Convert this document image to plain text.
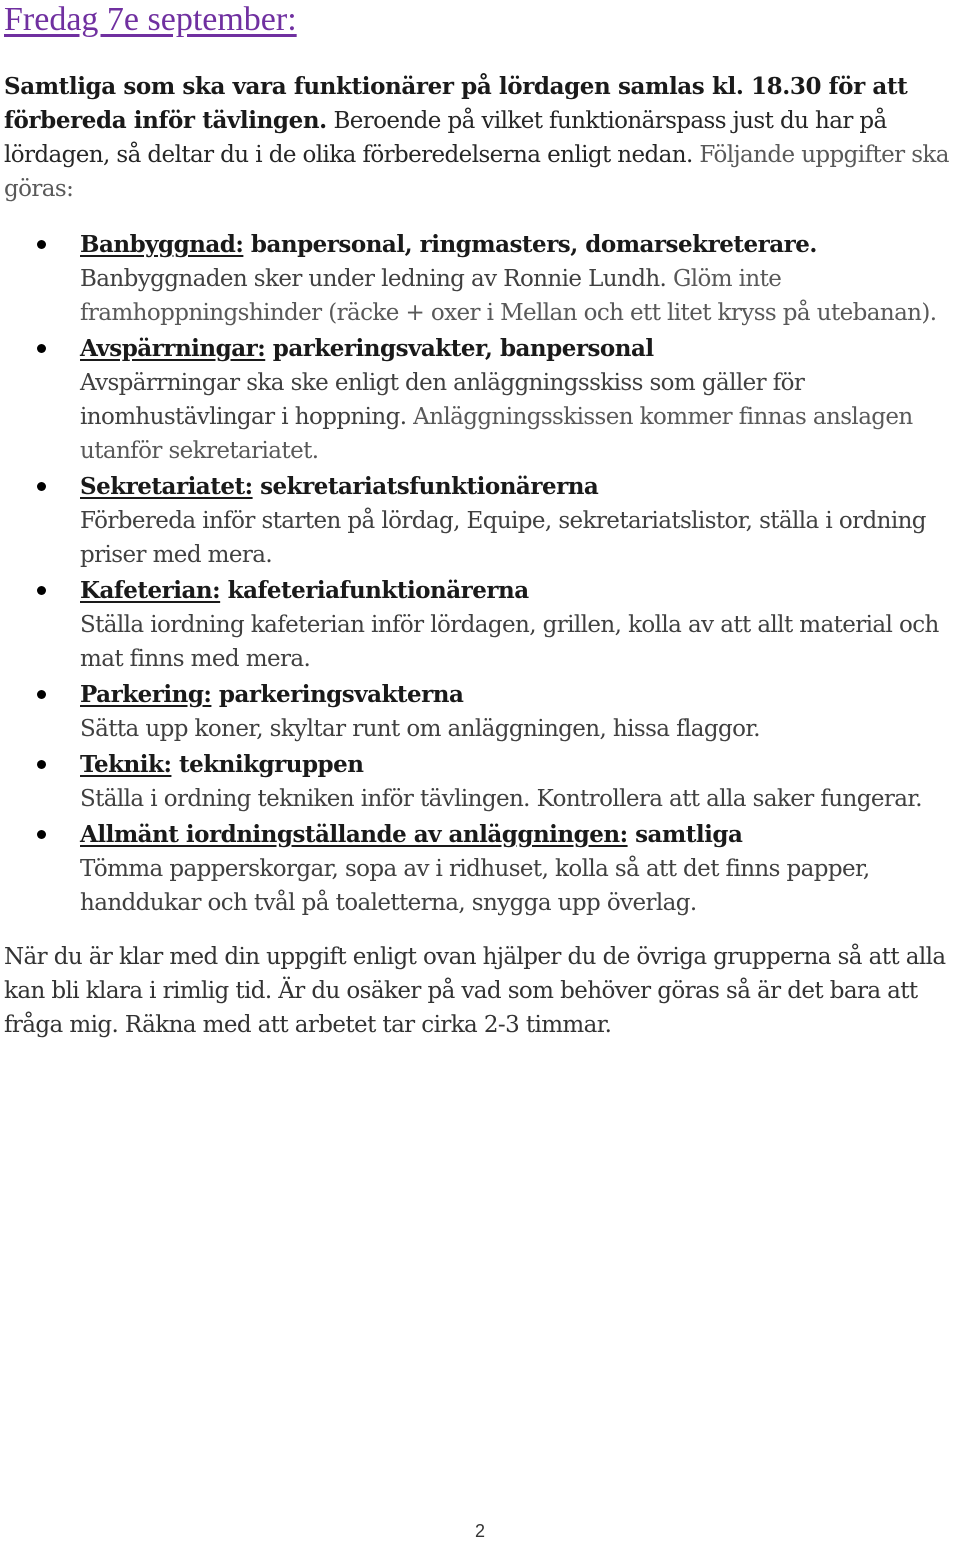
Fredag 7e september:

Samtliga som ska vara funktionärer på lördagen samlas kl. 18.30 för att förbereda inför tävlingen. Beroende på vilket funktionärspass just du har på lördagen, så deltar du i de olika förberedelserna enligt nedan. Följande uppgifter ska göras:

Banbyggnad: banpersonal, ringmasters, domarsekreterare.
Banbyggnaden sker under ledning av Ronnie Lundh. Glöm inte framhoppningshinder (räcke + oxer i Mellan och ett litet kryss på utebanan).
Avspärrningar: parkeringsvakter, banpersonal
Avspärrningar ska ske enligt den anläggningsskiss som gäller för inomhustävlingar i hoppning. Anläggningsskissen kommer finnas anslagen utanför sekretariatet.
Sekretariatet: sekretariatsfunktionärerna
Förbereda inför starten på lördag, Equipe, sekretariatslistor, ställa i ordning priser med mera.
Kafeterian: kafeteriafunktionärerna
Ställa iordning kafeterian inför lördagen, grillen, kolla av att allt material och mat finns med mera.
Parkering: parkeringsvakterna
Sätta upp koner, skyltar runt om anläggningen, hissa flaggor.
Teknik: teknikgruppen
Ställa i ordning tekniken inför tävlingen. Kontrollera att alla saker fungerar.
Allmänt iordningställande av anläggningen: samtliga
Tömma papperskorgar, sopa av i ridhuset, kolla så att det finns papper, handdukar och tvål på toaletterna, snygga upp överlag.

När du är klar med din uppgift enligt ovan hjälper du de övriga grupperna så att alla kan bli klara i rimlig tid. Är du osäker på vad som behöver göras så är det bara att fråga mig. Räkna med att arbetet tar cirka 2-3 timmar.

2
